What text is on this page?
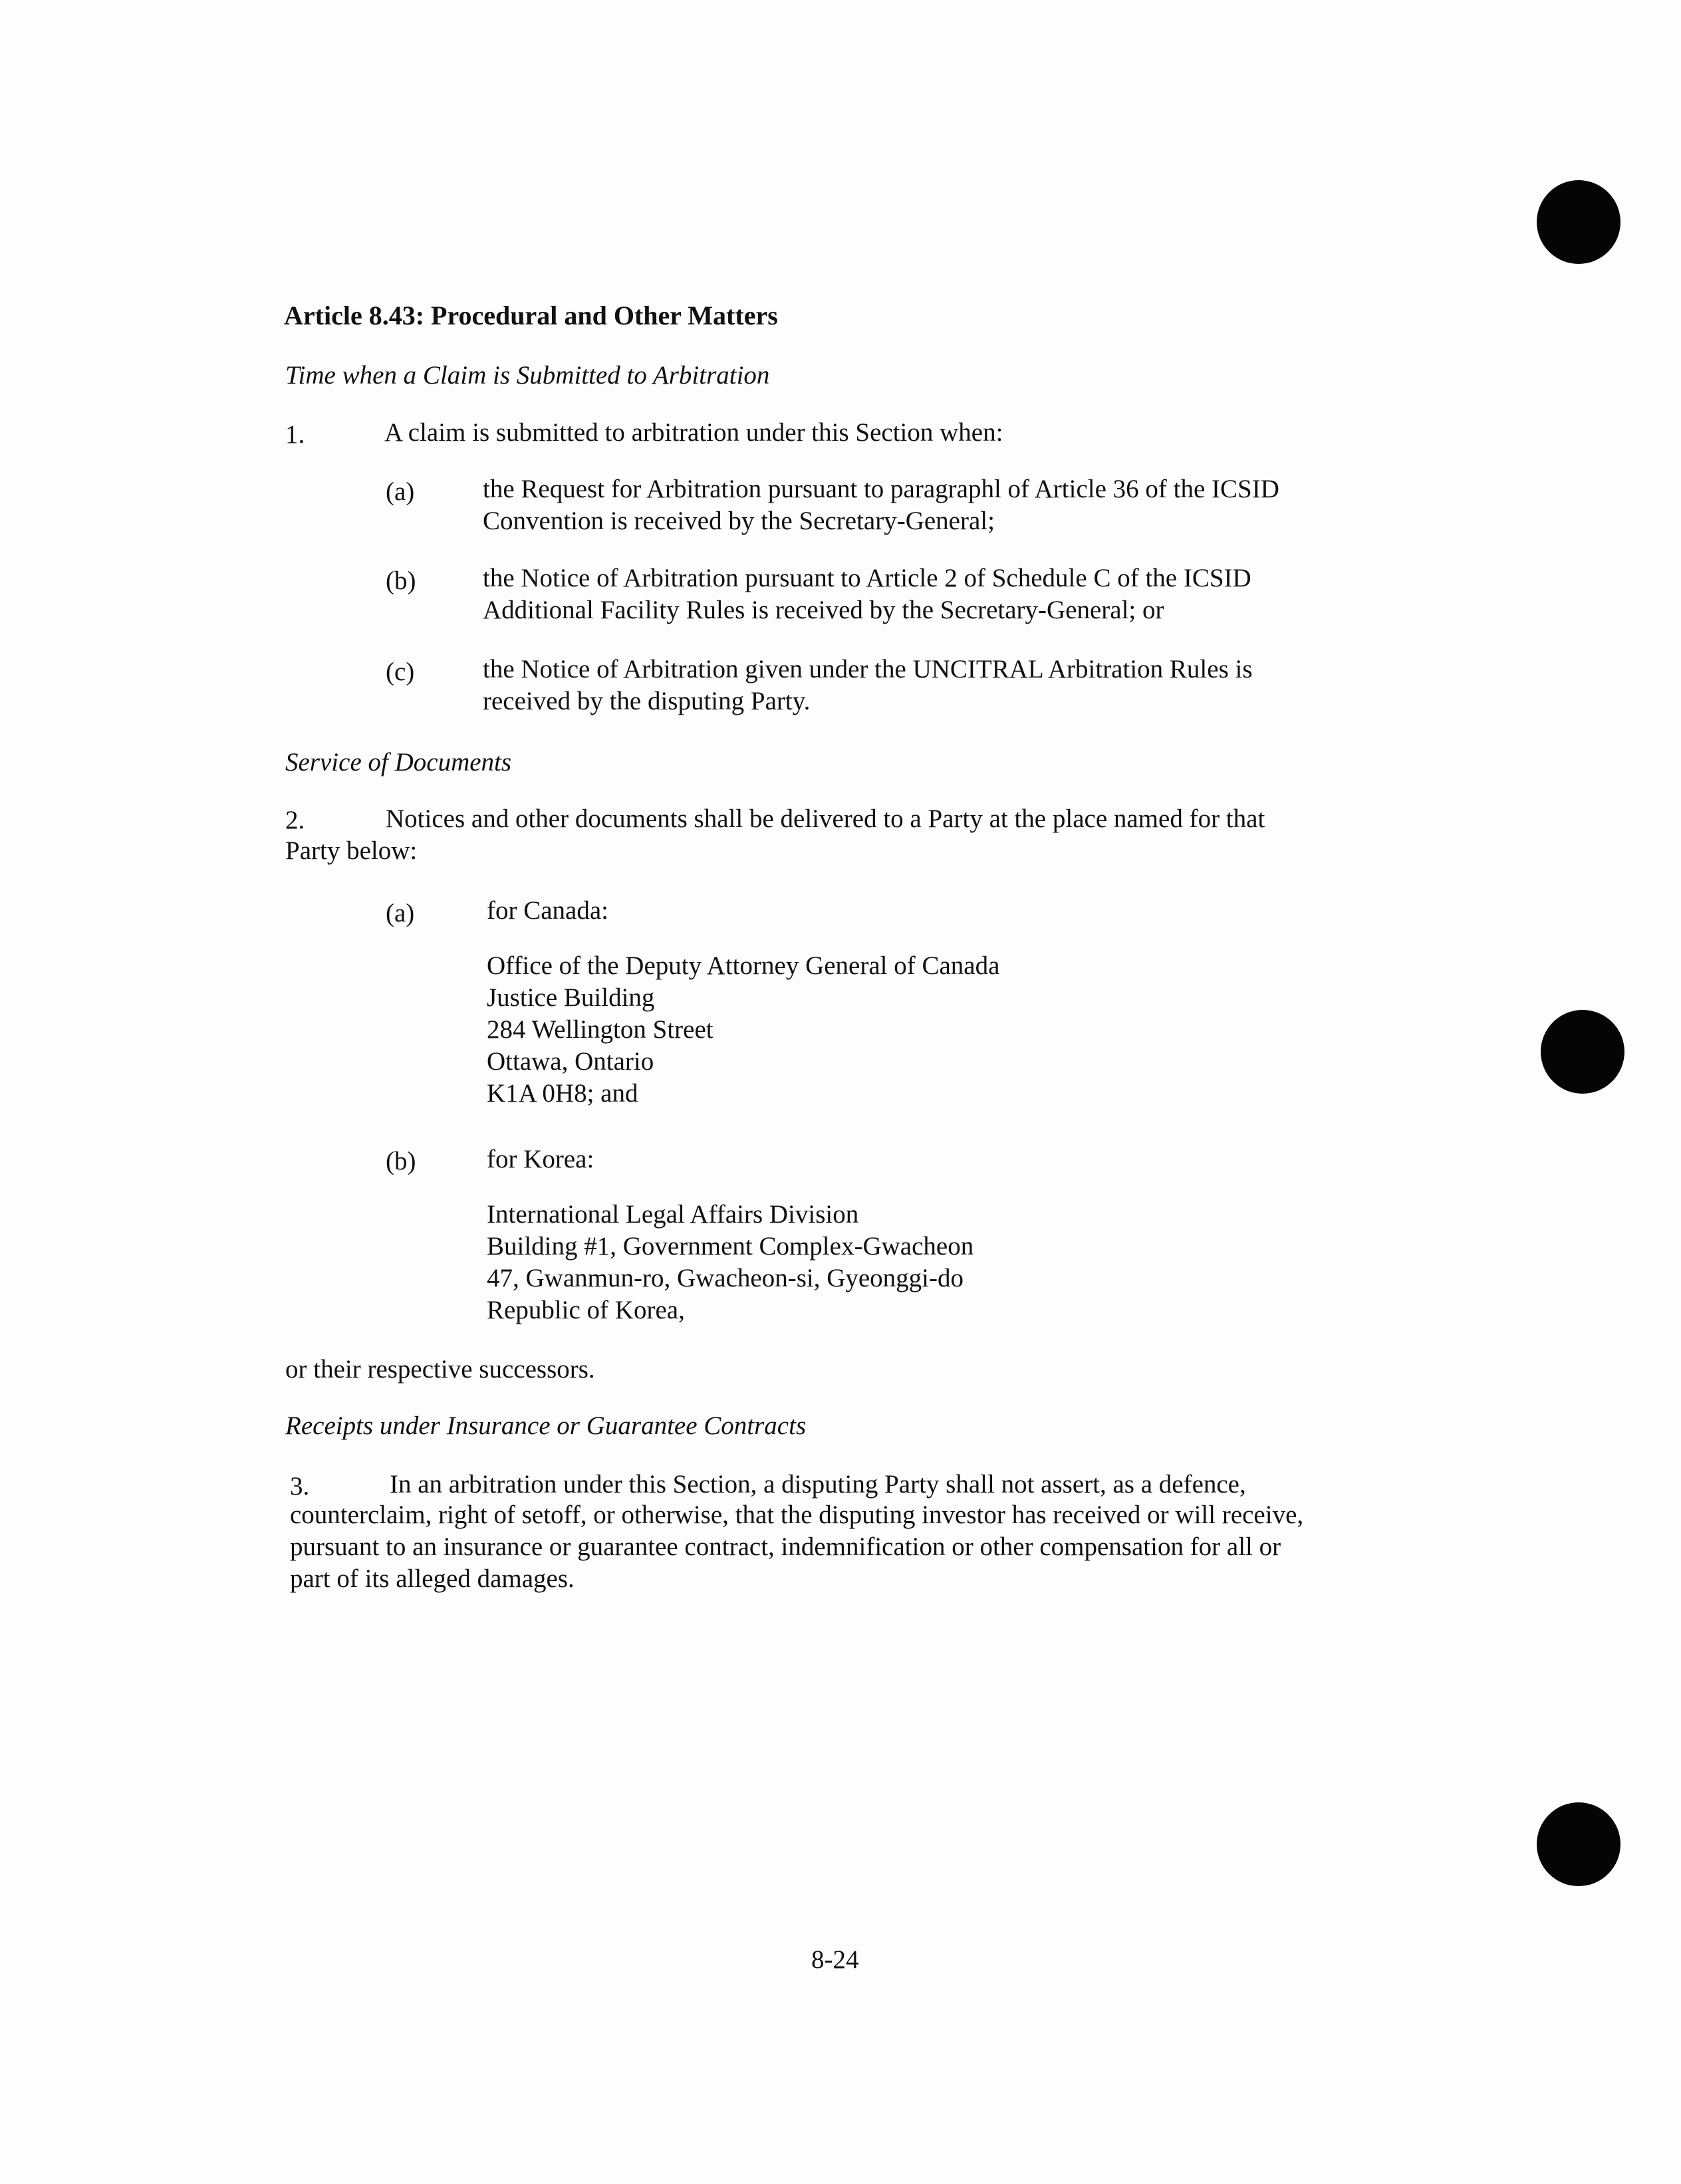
Article 8.43: Procedural and Other Matters
Time when a Claim is Submitted to Arbitration
1.	A claim is submitted to arbitration under this Section when:
(a)	the Request for Arbitration pursuant to paragraphl of Article 36 of the ICSID
Convention is received by the Secretary-General;
(b)	the Notice of Arbitration pursuant to Article 2 of Schedule C of the ICSID
Additional Facility Rules is received by the Secretary-General; or
(c)	the Notice of Arbitration given under the UNCITRAL Arbitration Rules is
received by the disputing Party.
Service of Documents
2.	Notices and other documents shall be delivered to a Party at the place named for that
Party below:
(a)	for Canada:
Office of the Deputy Attorney General of Canada
Justice Building
284 Wellington Street
Ottawa, Ontario
K1A 0H8; and
(b)	for Korea:
International Legal Affairs Division
Building #1, Government Complex-Gwacheon
47, Gwanmun-ro, Gwacheon-si, Gyeonggi-do
Republic of Korea,
or their respective successors.
Receipts under Insurance or Guarantee Contracts
3.	In an arbitration under this Section, a disputing Party shall not assert, as a defence,
counterclaim, right of setoff, or otherwise, that the disputing investor has received or will receive,
pursuant to an insurance or guarantee contract, indemnification or other compensation for all or
part of its alleged damages.
8-24
